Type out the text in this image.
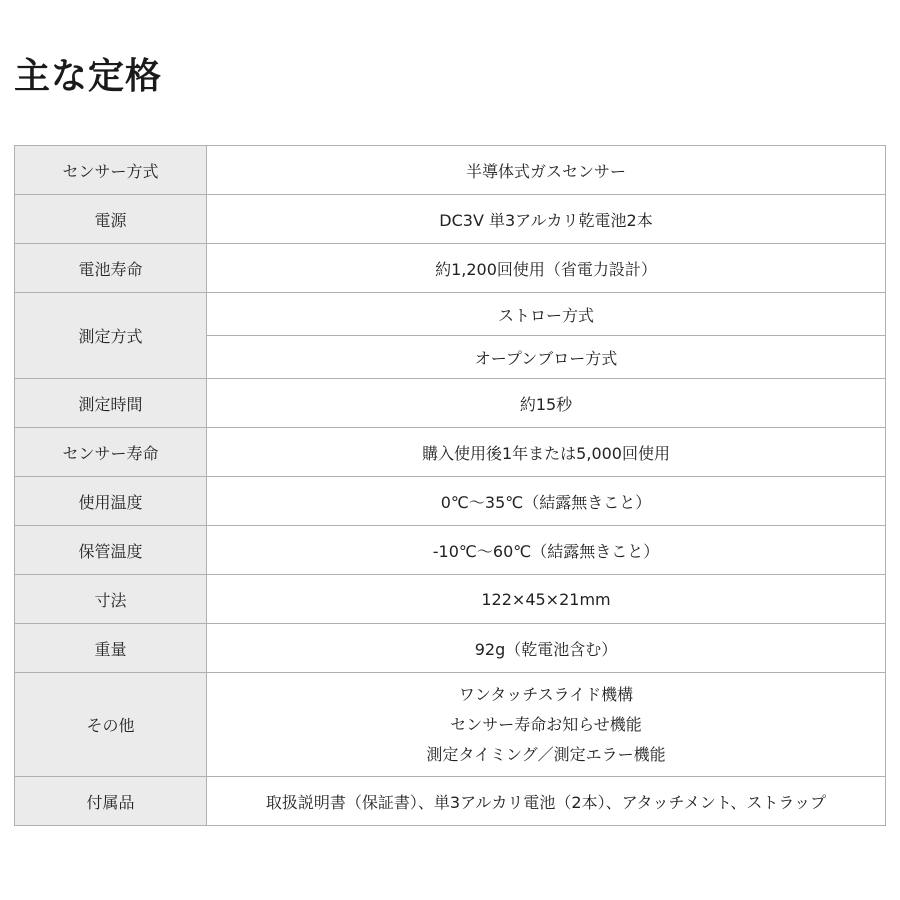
主な定格
センサー方式	半導体式ガスセンサー
電源	DC3V 単3アルカリ乾電池2本
電池寿命	約1,200回使用（省電力設計）
測定方式	ストロー方式
	オープンブロー方式
測定時間	約15秒
センサー寿命	購入使用後1年または5,000回使用
使用温度	0℃〜35℃（結露無きこと）
保管温度	-10℃〜60℃（結露無きこと）
寸法	122×45×21mm
重量	92g（乾電池含む）
その他	ワンタッチスライド機構
センサー寿命お知らせ機能
測定タイミング／測定エラー機能

付属品	取扱説明書（保証書）、単3アルカリ電池（2本）、アタッチメント、ストラップ
